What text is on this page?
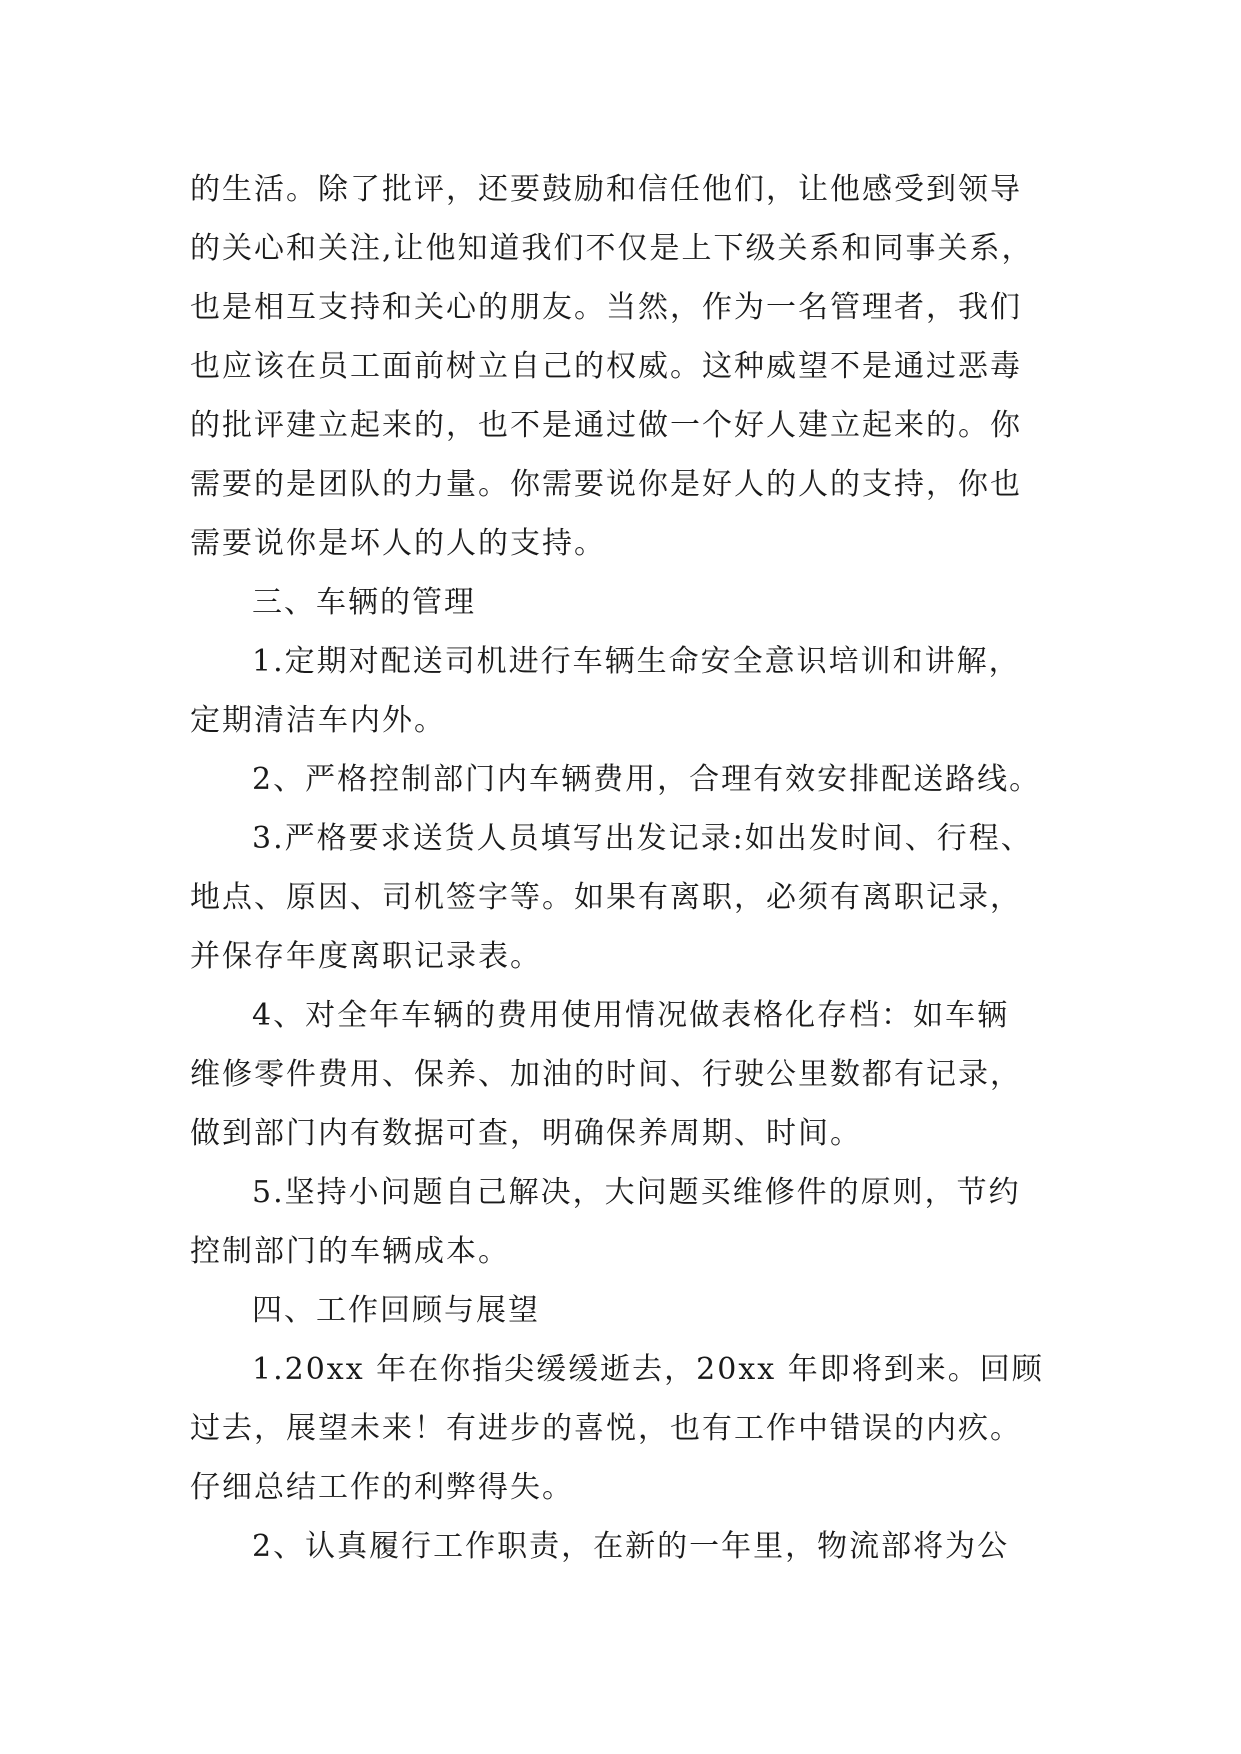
的生活。除了批评，还要鼓励和信任他们，让他感受到领导
的关心和关注,让他知道我们不仅是上下级关系和同事关系，
也是相互支持和关心的朋友。当然，作为一名管理者，我们
也应该在员工面前树立自己的权威。这种威望不是通过恶毒
的批评建立起来的，也不是通过做一个好人建立起来的。你
需要的是团队的力量。你需要说你是好人的人的支持，你也
需要说你是坏人的人的支持。
三、车辆的管理
1.定期对配送司机进行车辆生命安全意识培训和讲解，
定期清洁车内外。
2、严格控制部门内车辆费用，合理有效安排配送路线。
3.严格要求送货人员填写出发记录:如出发时间、行程、
地点、原因、司机签字等。如果有离职，必须有离职记录，
并保存年度离职记录表。
4、对全年车辆的费用使用情况做表格化存档：如车辆
维修零件费用、保养、加油的时间、行驶公里数都有记录，
做到部门内有数据可查，明确保养周期、时间。
5.坚持小问题自己解决，大问题买维修件的原则，节约
控制部门的车辆成本。
四、工作回顾与展望
1.20xx 年在你指尖缓缓逝去，20xx 年即将到来。回顾
过去，展望未来！有进步的喜悦，也有工作中错误的内疚。
仔细总结工作的利弊得失。
2、认真履行工作职责，在新的一年里，物流部将为公
